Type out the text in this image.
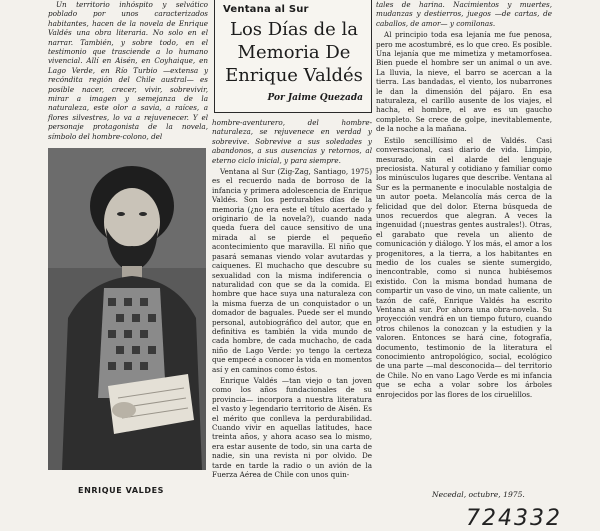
Un territorio inhóspito y selvático poblado por unos caracterizados habitantes, hacen de la novela de Enrique Valdés una obra literaria. No solo en el narrar. También, y sobre todo, en el testimonio que trasciende a lo humano vivencial. Allí en Aisén, en Coyhaique, en Lago Verde, en Río Turbio —extensa y recóndita región del Chile austral— es posible nacer, crecer, vivir, sobrevivir, mirar a imagen y semejanza de la naturaleza, este olor a savia, a raíces, a flores silvestres, lo va a rejuvenecer. Y el personaje protagonista de la novela, símbolo del hombre-colono, del

Ventana al Sur
Los Días de la Memoria De Enrique Valdés
Por Jaime Quezada
ENRIQUE VALDES

hombre-aventurero, del hombre-naturaleza, se rejuvenece en verdad y sobrevive. Sobrevive a sus soledades y abandonos, a sus ausencias y retornos, al eterno ciclo inicial, y para siempre.

Ventana al Sur (Zig-Zag, Santiago, 1975) es el recuerdo nada de borroso de la infancia y primera adolescencia de Enrique Valdés. Son los perdurables días de la memoria (¿no era este el título acertado y originario de la novela?), cuando nada queda fuera del cauce sensitivo de una mirada al se pierde el pequeño acontecimiento que maravilla. El niño que pasará semanas viendo volar avutardas y caiquenes. El muchacho que descubre su sexualidad con la misma indiferencia o naturalidad con que se da la comida. El hombre que hace suya una naturaleza con la misma fuerza de un conquistador o un domador de baguales. Puede ser el mundo personal, autobiográfico del autor, que en definitiva es también la vida mundo de cada hombre, de cada muchacho, de cada niño de Lago Verde: yo tengo la certeza que empecé a conocer la vida en momentos así y en caminos como éstos.

Enrique Valdés —tan viejo o tan joven como los años fundacionales de su provincia— incorpora a nuestra literatura el vasto y legendario territorio de Aisén. Es el mérito que conlleva la perdurabilidad. Cuando vivir en aquellas latitudes, hace treinta años, y ahora acaso sea lo mismo, era estar ausente de todo, sin una carta de nadie, sin una revista ni por olvido. De tarde en tarde la radio o un avión de la Fuerza Aérea de Chile con unos quin-

tales de harina. Nacimientos y muertes, mudanzas y destierros, juegos —de cartas, de caballos, de amor— y comilonas.

Al principio toda esa lejanía me fue penosa, pero me acostumbré, es lo que creo. Es posible. Una lejanía que me mimetiza y metamorfosea. Bien puede el hombre ser un animal o un ave. La lluvia, la nieve, el barro se acercan a la tierra. Las bandadas, el viento, los nubarrones le dan la dimensión del pájaro. En esa naturaleza, el carillo ausente de los viajes, el hacha, el hombre, el ave es un gaucho completo. Se crece de golpe, inevitablemente, de la noche a la mañana.

Estilo sencillísimo el de Valdés. Casi conversacional, casi diario de vida. Limpio, mesurado, sin el alarde del lenguaje preciosista. Natural y cotidiano y familiar como los minúsculos lugares que describe. Ventana al Sur es la permanente e inoculable nostalgia de un autor poeta. Melancolía más cerca de la felicidad que del dolor. Eterna búsqueda de unos recuerdos que alegran. A veces la ingenuidad (¡nuestras gentes australes!). Otras, el garabato que revela un aliento de comunicación y diálogo. Y los más, el amor a los progenitores, a la tierra, a los habitantes en medio de los cuales se siente sumergido, inencontrable, como si nunca hubiésemos existido. Con la misma bondad humana de compartir un vaso de vino, un mate caliente, un tazón de café, Enrique Valdés ha escrito Ventana al sur. Por ahora una obra-novela. Su proyección vendrá en un tiempo futuro, cuando otros chilenos la conozcan y la estudien y la valoren. Entonces se hará cine, fotografía, documento, testimonio de la literatura el conocimiento antropológico, social, ecológico de una parte —mal desconocida— del territorio de Chile. No en vano Lago Verde es mi infancia que se echa a volar sobre los árboles enrojecidos por las flores de los ciruelillos.

Necedal, octubre, 1975.
724332
